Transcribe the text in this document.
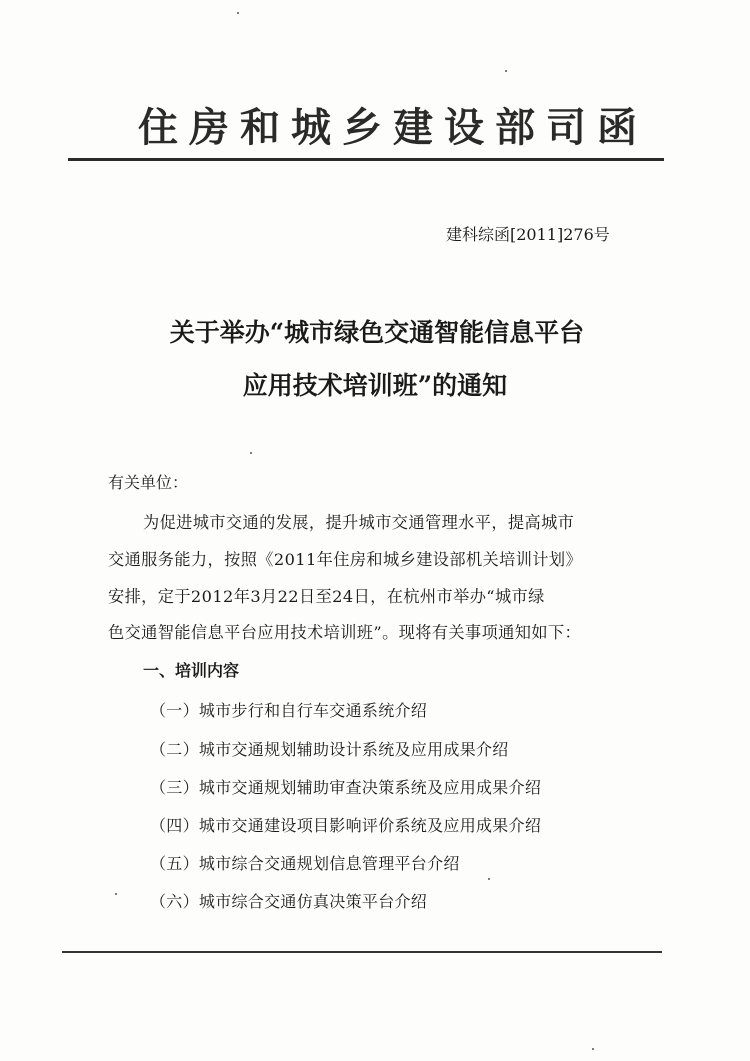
住房和城乡建设部司函
建科综函[2011]276号
关于举办“城市绿色交通智能信息平台
应用技术培训班”的通知
有关单位：
为促进城市交通的发展，提升城市交通管理水平，提高城市
交通服务能力，按照《2011年住房和城乡建设部机关培训计划》
安排，定于2012年3月22日至24日，在杭州市举办“城市绿
色交通智能信息平台应用技术培训班”。现将有关事项通知如下：
一、培训内容
（一）城市步行和自行车交通系统介绍
（二）城市交通规划辅助设计系统及应用成果介绍
（三）城市交通规划辅助审查决策系统及应用成果介绍
（四）城市交通建设项目影响评价系统及应用成果介绍
（五）城市综合交通规划信息管理平台介绍
（六）城市综合交通仿真决策平台介绍
